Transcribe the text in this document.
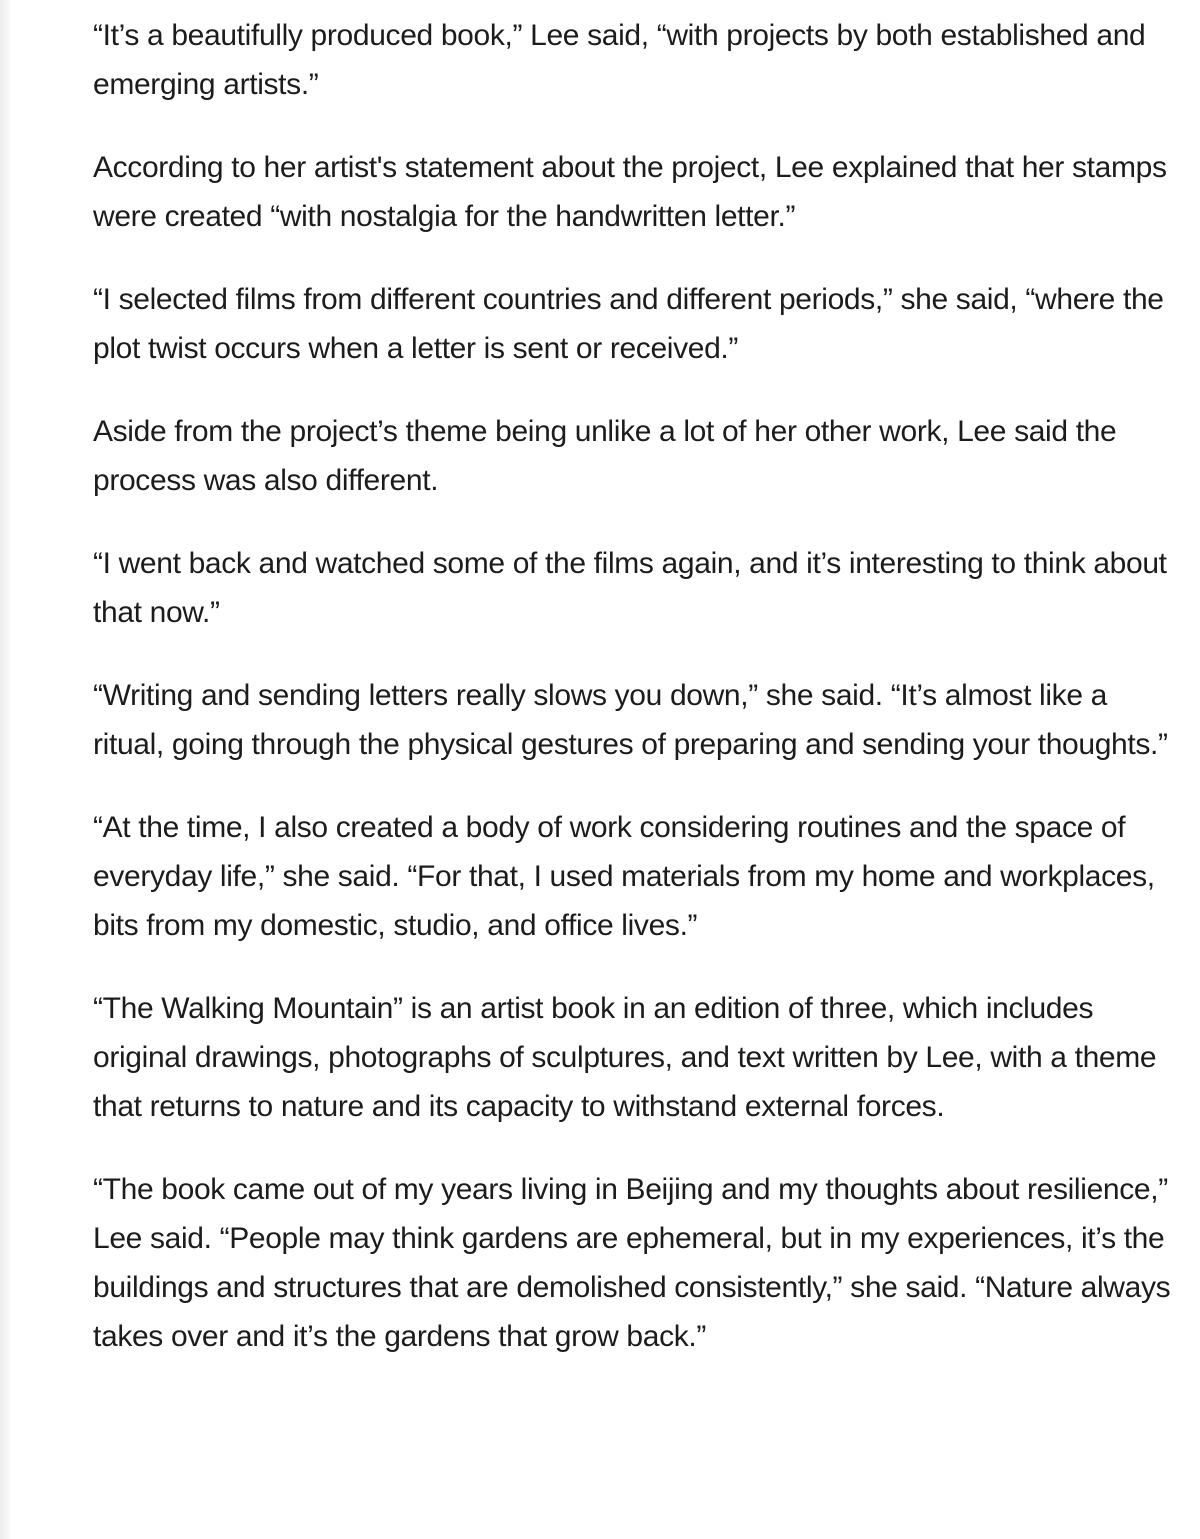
“It’s a beautifully produced book,” Lee said, “with projects by both established and emerging artists.”

According to her artist's statement about the project, Lee explained that her stamps were created “with nostalgia for the handwritten letter.”

“I selected films from different countries and different periods,” she said, “where the plot twist occurs when a letter is sent or received.”

Aside from the project’s theme being unlike a lot of her other work, Lee said the process was also different.

“I went back and watched some of the films again, and it’s interesting to think about that now.”

“Writing and sending letters really slows you down,” she said. “It’s almost like a ritual, going through the physical gestures of preparing and sending your thoughts.”

“At the time, I also created a body of work considering routines and the space of everyday life,” she said. “For that, I used materials from my home and workplaces, bits from my domestic, studio, and office lives.”

“The Walking Mountain” is an artist book in an edition of three, which includes original drawings, photographs of sculptures, and text written by Lee, with a theme that returns to nature and its capacity to withstand external forces.

“The book came out of my years living in Beijing and my thoughts about resilience,” Lee said. “People may think gardens are ephemeral, but in my experiences, it’s the buildings and structures that are demolished consistently,” she said. “Nature always takes over and it’s the gardens that grow back.”
